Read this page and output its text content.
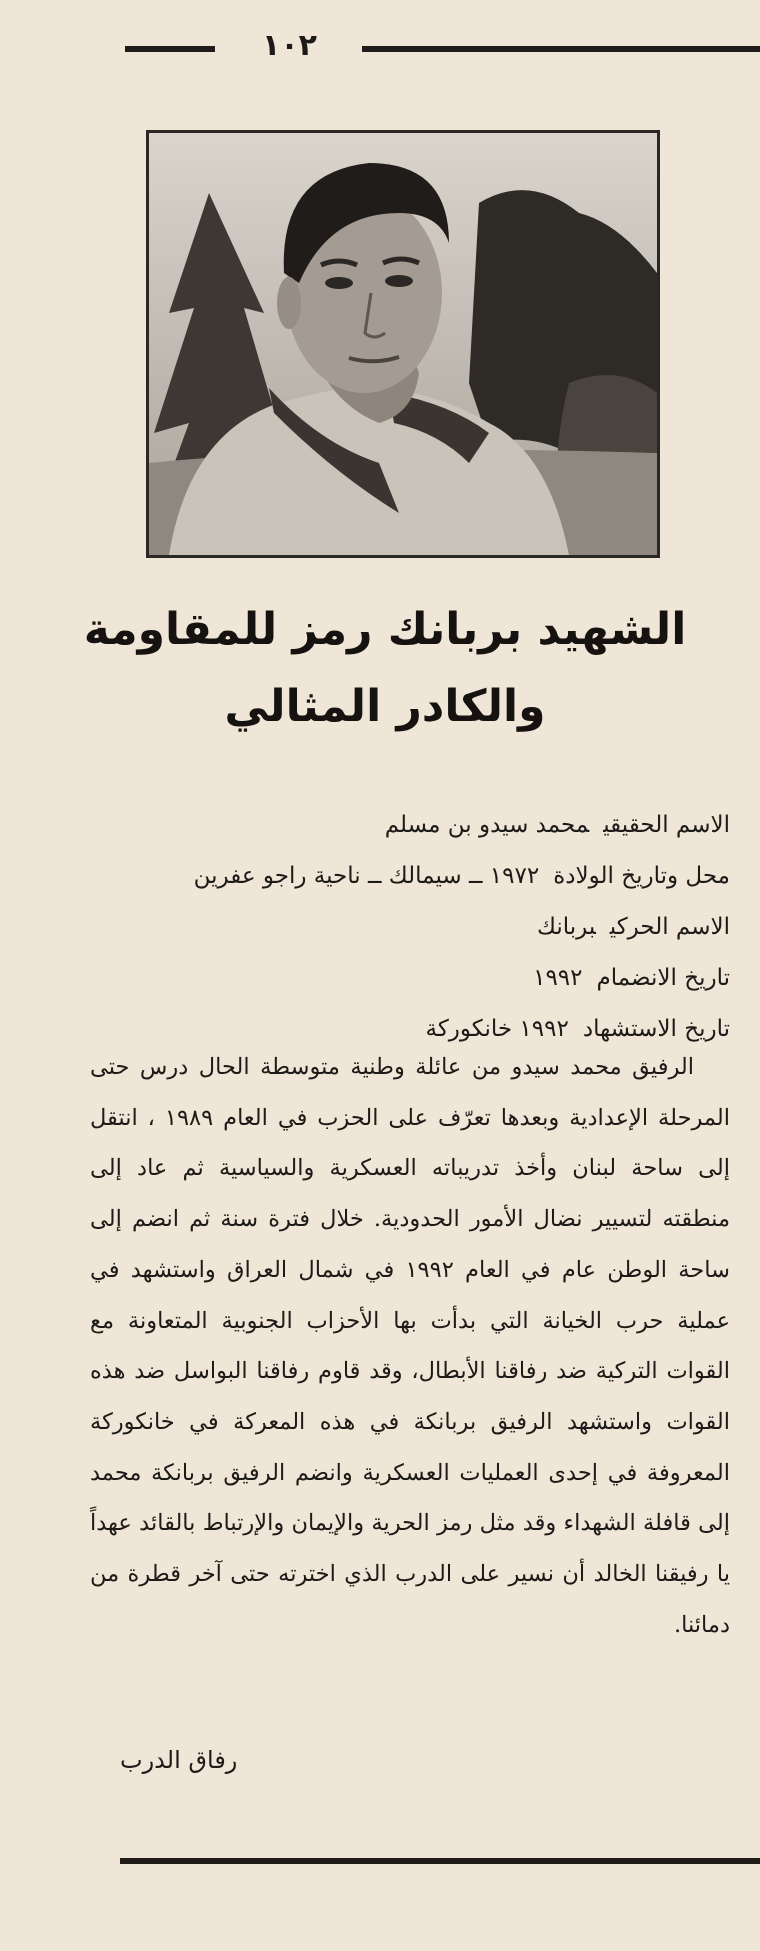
١٠٢
الشهيد بربانك رمز للمقاومة
والكادر المثالي
الاسم الحقيقيمحمد سيدو بن مسلم
محل وتاريخ الولادة١٩٧٢ ــ سيمالك ــ ناحية راجو عفرين
الاسم الحركيبربانك
تاريخ الانضمام١٩٩٢
تاريخ الاستشهاد١٩٩٢ خانكوركة

الرفيق محمد سيدو من عائلة وطنية متوسطة الحال درس حتى المرحلة الإعدادية وبعدها تعرّف على الحزب في العام ١٩٨٩ ، انتقل إلى ساحة لبنان وأخذ تدريباته العسكرية والسياسية ثم عاد إلى منطقته لتسيير نضال الأمور الحدودية. خلال فترة سنة ثم انضم إلى ساحة الوطن عام في العام ١٩٩٢ في شمال العراق واستشهد في عملية حرب الخيانة التي بدأت بها الأحزاب الجنوبية المتعاونة مع القوات التركية ضد رفاقنا الأبطال، وقد قاوم رفاقنا البواسل ضد هذه القوات واستشهد الرفيق بربانكة في هذه المعركة في خانكوركة المعروفة في إحدى العمليات العسكرية وانضم الرفيق بربانكة محمد إلى قافلة الشهداء وقد مثل رمز الحرية والإيمان والإرتباط بالقائد عهداً يا رفيقنا الخالد أن نسير على الدرب الذي اخترته حتى آخر قطرة من دمائنا.

رفاق الدرب
